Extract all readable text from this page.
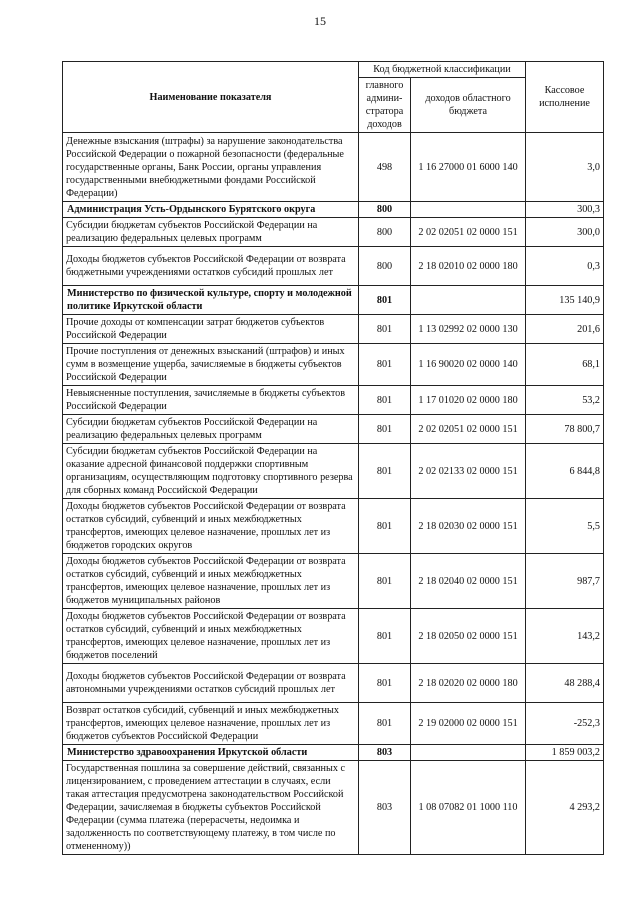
15
Наименование показателя	Код бюджетной классификации		Кассовое исполнение
	главного админи-стратора доходов	доходов областного бюджета	
Денежные взыскания (штрафы) за нарушение законодательства Российской Федерации о пожарной безопасности (федеральные государственные органы, Банк России, органы управления государственными внебюджетными фондами Российской Федерации)	498	1 16 27000 01 6000 140	3,0
Администрация Усть-Ордынского Бурятского округа	800		300,3
Субсидии бюджетам субъектов Российской Федерации на реализацию федеральных целевых программ	800	2 02 02051 02 0000 151	300,0
Доходы бюджетов субъектов Российской Федерации от возврата бюджетными учреждениями остатков субсидий прошлых лет	800	2 18 02010 02 0000 180	0,3
Министерство по физической культуре, спорту и молодежной политике Иркутской области	801		135 140,9
Прочие доходы от компенсации затрат бюджетов субъектов Российской Федерации	801	1 13 02992 02 0000 130	201,6
Прочие поступления от денежных взысканий (штрафов) и иных сумм в возмещение ущерба, зачисляемые в бюджеты субъектов Российской Федерации	801	1 16 90020 02 0000 140	68,1
Невыясненные поступления, зачисляемые в бюджеты субъектов Российской Федерации	801	1 17 01020 02 0000 180	53,2
Субсидии бюджетам субъектов Российской Федерации на реализацию федеральных целевых программ	801	2 02 02051 02 0000 151	78 800,7
Субсидии бюджетам субъектов Российской Федерации на оказание адресной финансовой поддержки спортивным организациям, осуществляющим подготовку спортивного резерва для сборных команд Российской Федерации	801	2 02 02133 02 0000 151	6 844,8
Доходы бюджетов субъектов Российской Федерации от возврата остатков субсидий, субвенций и иных межбюджетных трансфертов, имеющих целевое назначение, прошлых лет из бюджетов городских округов	801	2 18 02030 02 0000 151	5,5
Доходы бюджетов субъектов Российской Федерации от возврата остатков субсидий, субвенций и иных межбюджетных трансфертов, имеющих целевое назначение, прошлых лет из бюджетов муниципальных районов	801	2 18 02040 02 0000 151	987,7
Доходы бюджетов субъектов Российской Федерации от возврата остатков субсидий, субвенций и иных межбюджетных трансфертов, имеющих целевое назначение, прошлых лет из бюджетов поселений	801	2 18 02050 02 0000 151	143,2
Доходы бюджетов субъектов Российской Федерации от возврата автономными учреждениями остатков субсидий прошлых лет	801	2 18 02020 02 0000 180	48 288,4
Возврат остатков субсидий, субвенций и иных межбюджетных трансфертов, имеющих целевое назначение, прошлых лет из бюджетов субъектов Российской Федерации	801	2 19 02000 02 0000 151	-252,3
Министерство здравоохранения Иркутской области	803		1 859 003,2
Государственная пошлина за совершение действий, связанных с лицензированием, с проведением аттестации в случаях, если такая аттестация предусмотрена законодательством Российской Федерации, зачисляемая в бюджеты субъектов Российской Федерации (сумма платежа (перерасчеты, недоимка и задолженность по соответствующему платежу, в том числе по отмененному))	803	1 08 07082 01 1000 110	4 293,2
